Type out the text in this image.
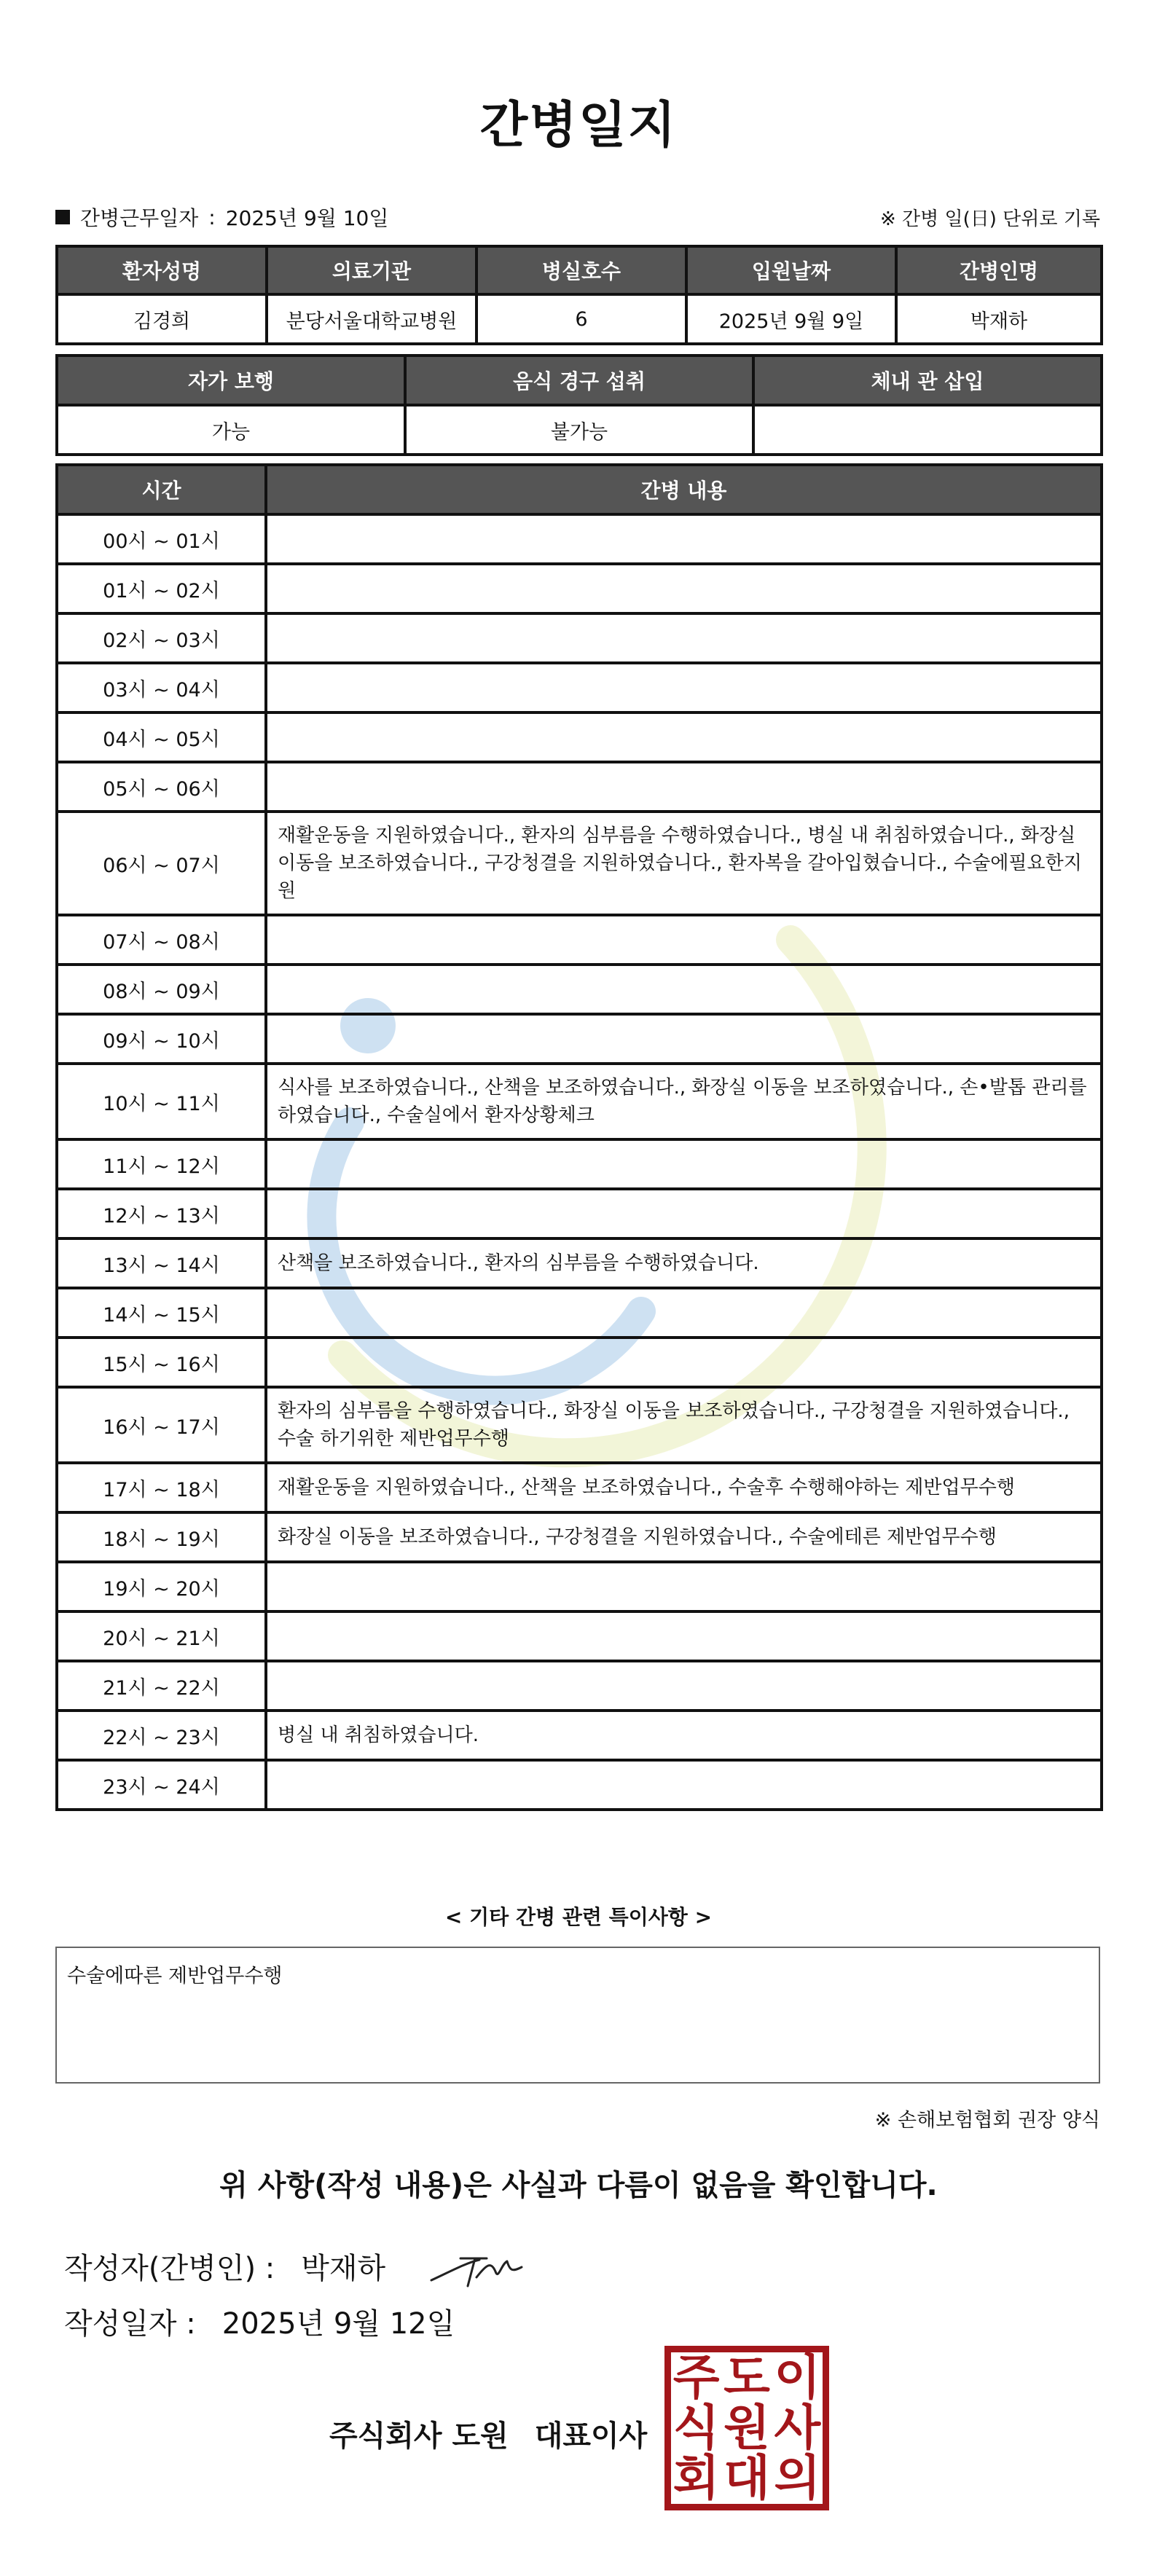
간병일지
간병근무일자 : 2025년 9월 10일	※ 간병 일(日) 단위로 기록
환자성명	의료기관	병실호수	입원날짜	간병인명
김경희	분당서울대학교병원	6	2025년 9월 9일	박재하
자가 보행	음식 경구 섭취	체내 관 삽입
가능	불가능	
시간	간병 내용
00시 ~ 01시	
01시 ~ 02시	
02시 ~ 03시	
03시 ~ 04시	
04시 ~ 05시	
05시 ~ 06시	
06시 ~ 07시	재활운동을 지원하였습니다., 환자의 심부름을 수행하였습니다., 병실 내 취침하였습니다., 화장실 이동을 보조하였습니다., 구강청결을 지원하였습니다., 환자복을 갈아입혔습니다., 수술에필요한지원
07시 ~ 08시	
08시 ~ 09시	
09시 ~ 10시	
10시 ~ 11시	식사를 보조하였습니다., 산책을 보조하였습니다., 화장실 이동을 보조하였습니다., 손•발톱 관리를 하였습니다., 수술실에서 환자상황체크
11시 ~ 12시	
12시 ~ 13시	
13시 ~ 14시	산책을 보조하였습니다., 환자의 심부름을 수행하였습니다.
14시 ~ 15시	
15시 ~ 16시	
16시 ~ 17시	환자의 심부름을 수행하였습니다., 화장실 이동을 보조하였습니다., 구강청결을 지원하였습니다., 수술 하기위한 제반업무수행
17시 ~ 18시	재활운동을 지원하였습니다., 산책을 보조하였습니다., 수술후 수행해야하는 제반업무수행
18시 ~ 19시	화장실 이동을 보조하였습니다., 구강청결을 지원하였습니다., 수술에테른 제반업무수행
19시 ~ 20시	
20시 ~ 21시	
21시 ~ 22시	
22시 ~ 23시	병실 내 취침하였습니다.
23시 ~ 24시	
< 기타 간병 관련 특이사항 >
수술에따른 제반업무수행
※ 손해보험협회 권장 양식
위 사항(작성 내용)은 사실과 다름이 없음을 확인합니다.
작성자(간병인) : 박재하
작성일자 : 2025년 9월 12일
주식회사 도원 대표이사
주 도 이
식 원 사
회 대 의
